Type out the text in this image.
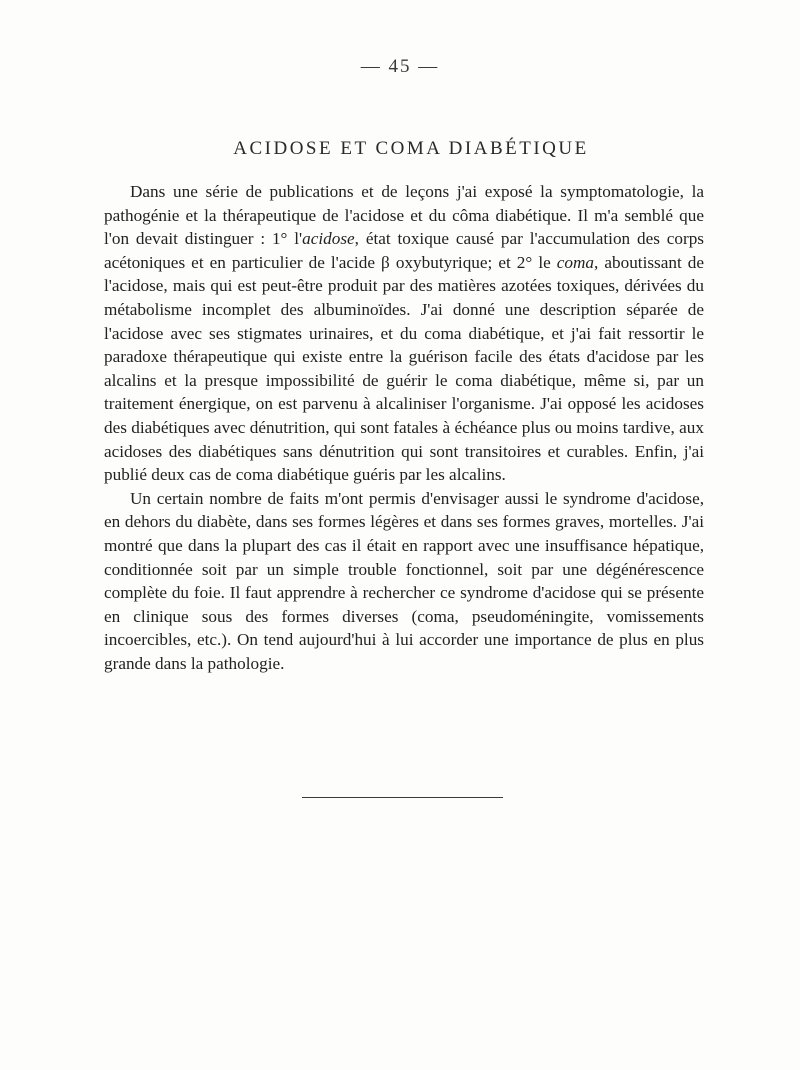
— 45 —
ACIDOSE ET COMA DIABÉTIQUE

Dans une série de publications et de leçons j'ai exposé la symptomatologie, la pathogénie et la thérapeutique de l'acidose et du côma diabétique. Il m'a semblé que l'on devait distinguer : 1° l'acidose, état toxique causé par l'accumulation des corps acétoniques et en particulier de l'acide β oxybutyrique; et 2° le coma, aboutissant de l'acidose, mais qui est peut-être produit par des matières azotées toxiques, dérivées du métabolisme incomplet des albuminoïdes. J'ai donné une description séparée de l'acidose avec ses stigmates urinaires, et du coma diabétique, et j'ai fait ressortir le paradoxe thérapeutique qui existe entre la guérison facile des états d'acidose par les alcalins et la presque impossibilité de guérir le coma diabétique, même si, par un traitement énergique, on est parvenu à alcaliniser l'organisme. J'ai opposé les acidoses des diabétiques avec dénutrition, qui sont fatales à échéance plus ou moins tardive, aux acidoses des diabétiques sans dénutrition qui sont transitoires et curables. Enfin, j'ai publié deux cas de coma diabétique guéris par les alcalins.

Un certain nombre de faits m'ont permis d'envisager aussi le syndrome d'acidose, en dehors du diabète, dans ses formes légères et dans ses formes graves, mortelles. J'ai montré que dans la plupart des cas il était en rapport avec une insuffisance hépatique, conditionnée soit par un simple trouble fonctionnel, soit par une dégénérescence complète du foie. Il faut apprendre à rechercher ce syndrome d'acidose qui se présente en clinique sous des formes diverses (coma, pseudoméningite, vomissements incoercibles, etc.). On tend aujourd'hui à lui accorder une importance de plus en plus grande dans la pathologie.
